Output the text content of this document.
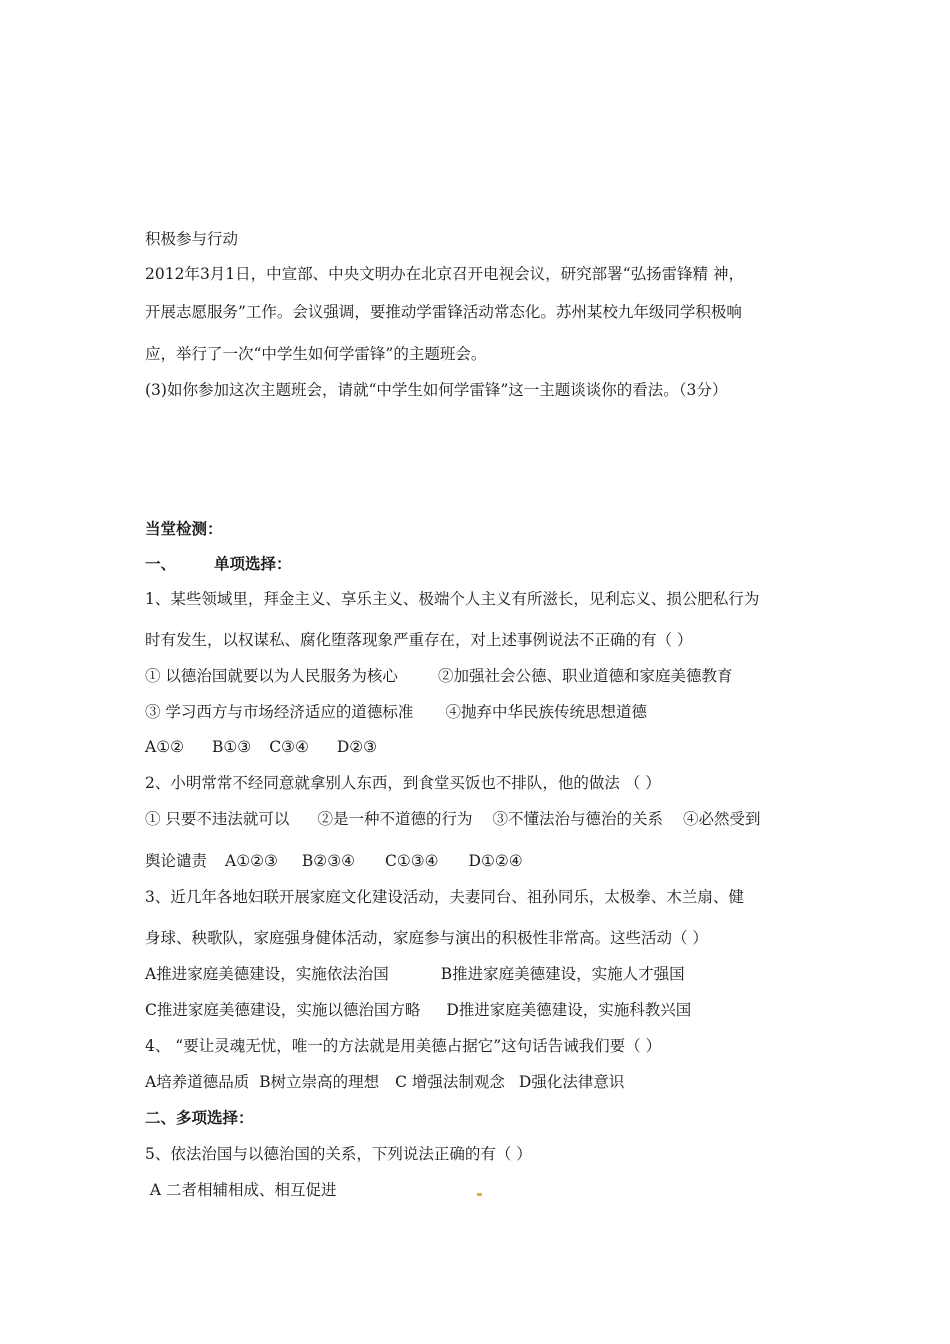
积极参与行动
2012年3月1日，中宣部、中央文明办在北京召开电视会议，研究部署“弘扬雷锋精 神，
开展志愿服务”工作。会议强调，要推动学雷锋活动常态化。苏州某校九年级同学积极响
应，举行了一次“中学生如何学雷锋”的主题班会。
(3)如你参加这次主题班会，请就“中学生如何学雷锋”这一主题谈谈你的看法。（3分）
当堂检测：
一、 单项选择：
1、某些领域里，拜金主义、享乐主义、极端个人主义有所滋长，见利忘义、损公肥私行为
时有发生，以权谋私、腐化堕落现象严重存在，对上述事例说法不正确的有（ ）
① 以德治国就要以为人民服务为核心	②加强社会公德、职业道德和家庭美德教育
③ 学习西方与市场经济适应的道德标准 ④抛弃中华民族传统思想道德
A①② B①③ C③④ D②③
2、小明常常不经同意就拿别人东西，到食堂买饭也不排队，他的做法 （ ）
① 只要不违法就可以 ②是一种不道德的行为 ③不懂法治与德治的关系 ④必然受到
舆论谴责 A①②③ B②③④ C①③④ D①②④
3、近几年各地妇联开展家庭文化建设活动，夫妻同台、祖孙同乐，太极拳、木兰扇、健
身球、秧歌队，家庭强身健体活动，家庭参与演出的积极性非常高。这些活动（ ）
A推进家庭美德建设，实施依法治国	B推进家庭美德建设，实施人才强国
C推进家庭美德建设，实施以德治国方略 D推进家庭美德建设，实施科教兴国
4、 “要让灵魂无忧，唯一的方法就是用美德占据它”这句话告诫我们要（ ）
A培养道德品质 B树立崇高的理想 C 增强法制观念 D强化法律意识
二、多项选择：
5、依法治国与以德治国的关系，下列说法正确的有（ ）
A 二者相辅相成、相互促进
